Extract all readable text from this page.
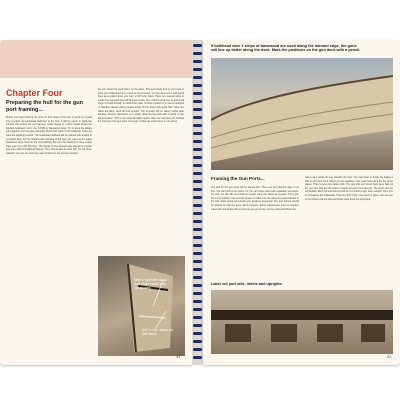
Chapter Four
Preparing the hull for the gun port framing...
Before you begin framing the ports on both sides of the hull, it would be a good time to plank the beakhead bulkhead at the bow. It will be easier to plank the inboard side before the port framing. Install planks to a 4mm height above the bulwark bulkhead notch. Use 1.5x5mm basswood strips. Try to keep the planks tight together and use glue sparingly. Plank both sides of the bulkhead. Once dry sand the planking smooth. The beakhead bulkhead will be painted with a black or red finish later. For the inboard side planking of the hull, you may use the same basswood strips used for the hull planking. Be sure the planking is done neatly. Take your time with this step. The planks on the inboard side should be smooth and even with the bulkhead frames. They should also be flush with the top of the bulwark. You can see how they were finished in the photos provided.
the two shown for each frame on the plans. Proceed slowly and try your best to keep your holes lined up in a row as you proceed. You can drive some split pencil lines as a guide before you start to drill your holes. There are several ways to create the treenails that will fill these holes. One method would be to pull small strips of wood through a metal draw plate. Another method is to use a toothpick or bamboo skewer. Many people simply fill the holes with wood filler. Once the holes are filled, sand the hull smooth. The treenails will be barely visible after sanding. Another alternative is to simply draw the treenails with a pencil or fine tipped marker. This is the least desirable option. After the treenails are finished the framing of the gun ports can begin. Follow the instructions on the plans.
Stern, note the black and white band. Lay out guides
1/4" x 1/8" strips for the band.
31
If bulkhead wise 1 strips of basswood are used along the inboard edge, the guns will line up better along the deck. Mark the positions on the gun deck with a pencil.
Framing the Gun Ports...
The sills for the gun ports will be framed first. There are two different ways to do this. You can build a box frame. Or you can frame each side separately as shown. To start, cut the sills and lintels to length using the plans as a guide. Then glue them into position. Use a small square to make sure the sides are perpendicular to the sills. Work slowly and check your progress frequently. The port frames should be placed so that the guns will fit properly. Some adjustments may be needed. Label sills and lintels with a pencil as you go so they can be easily identified later.
batten as it works its way towards the bow. You may have to break the batten a little to form and bend. When you are satisfied, mark each hole using the top of the batten. Then remove the batten strip. The gun sills and lintels have been laid out for you. The sills are the bottom boards for each port opening. The lintels are the top boards. Each sill and lintel should be cut a little longer than needed. Then trim to fit between the bulkheads. They are 3/16" thick. Glue them in place. You can see in the picture that the sills and lintels have been cut and glued.
Label cut port sills, lintels and uprights.
33
